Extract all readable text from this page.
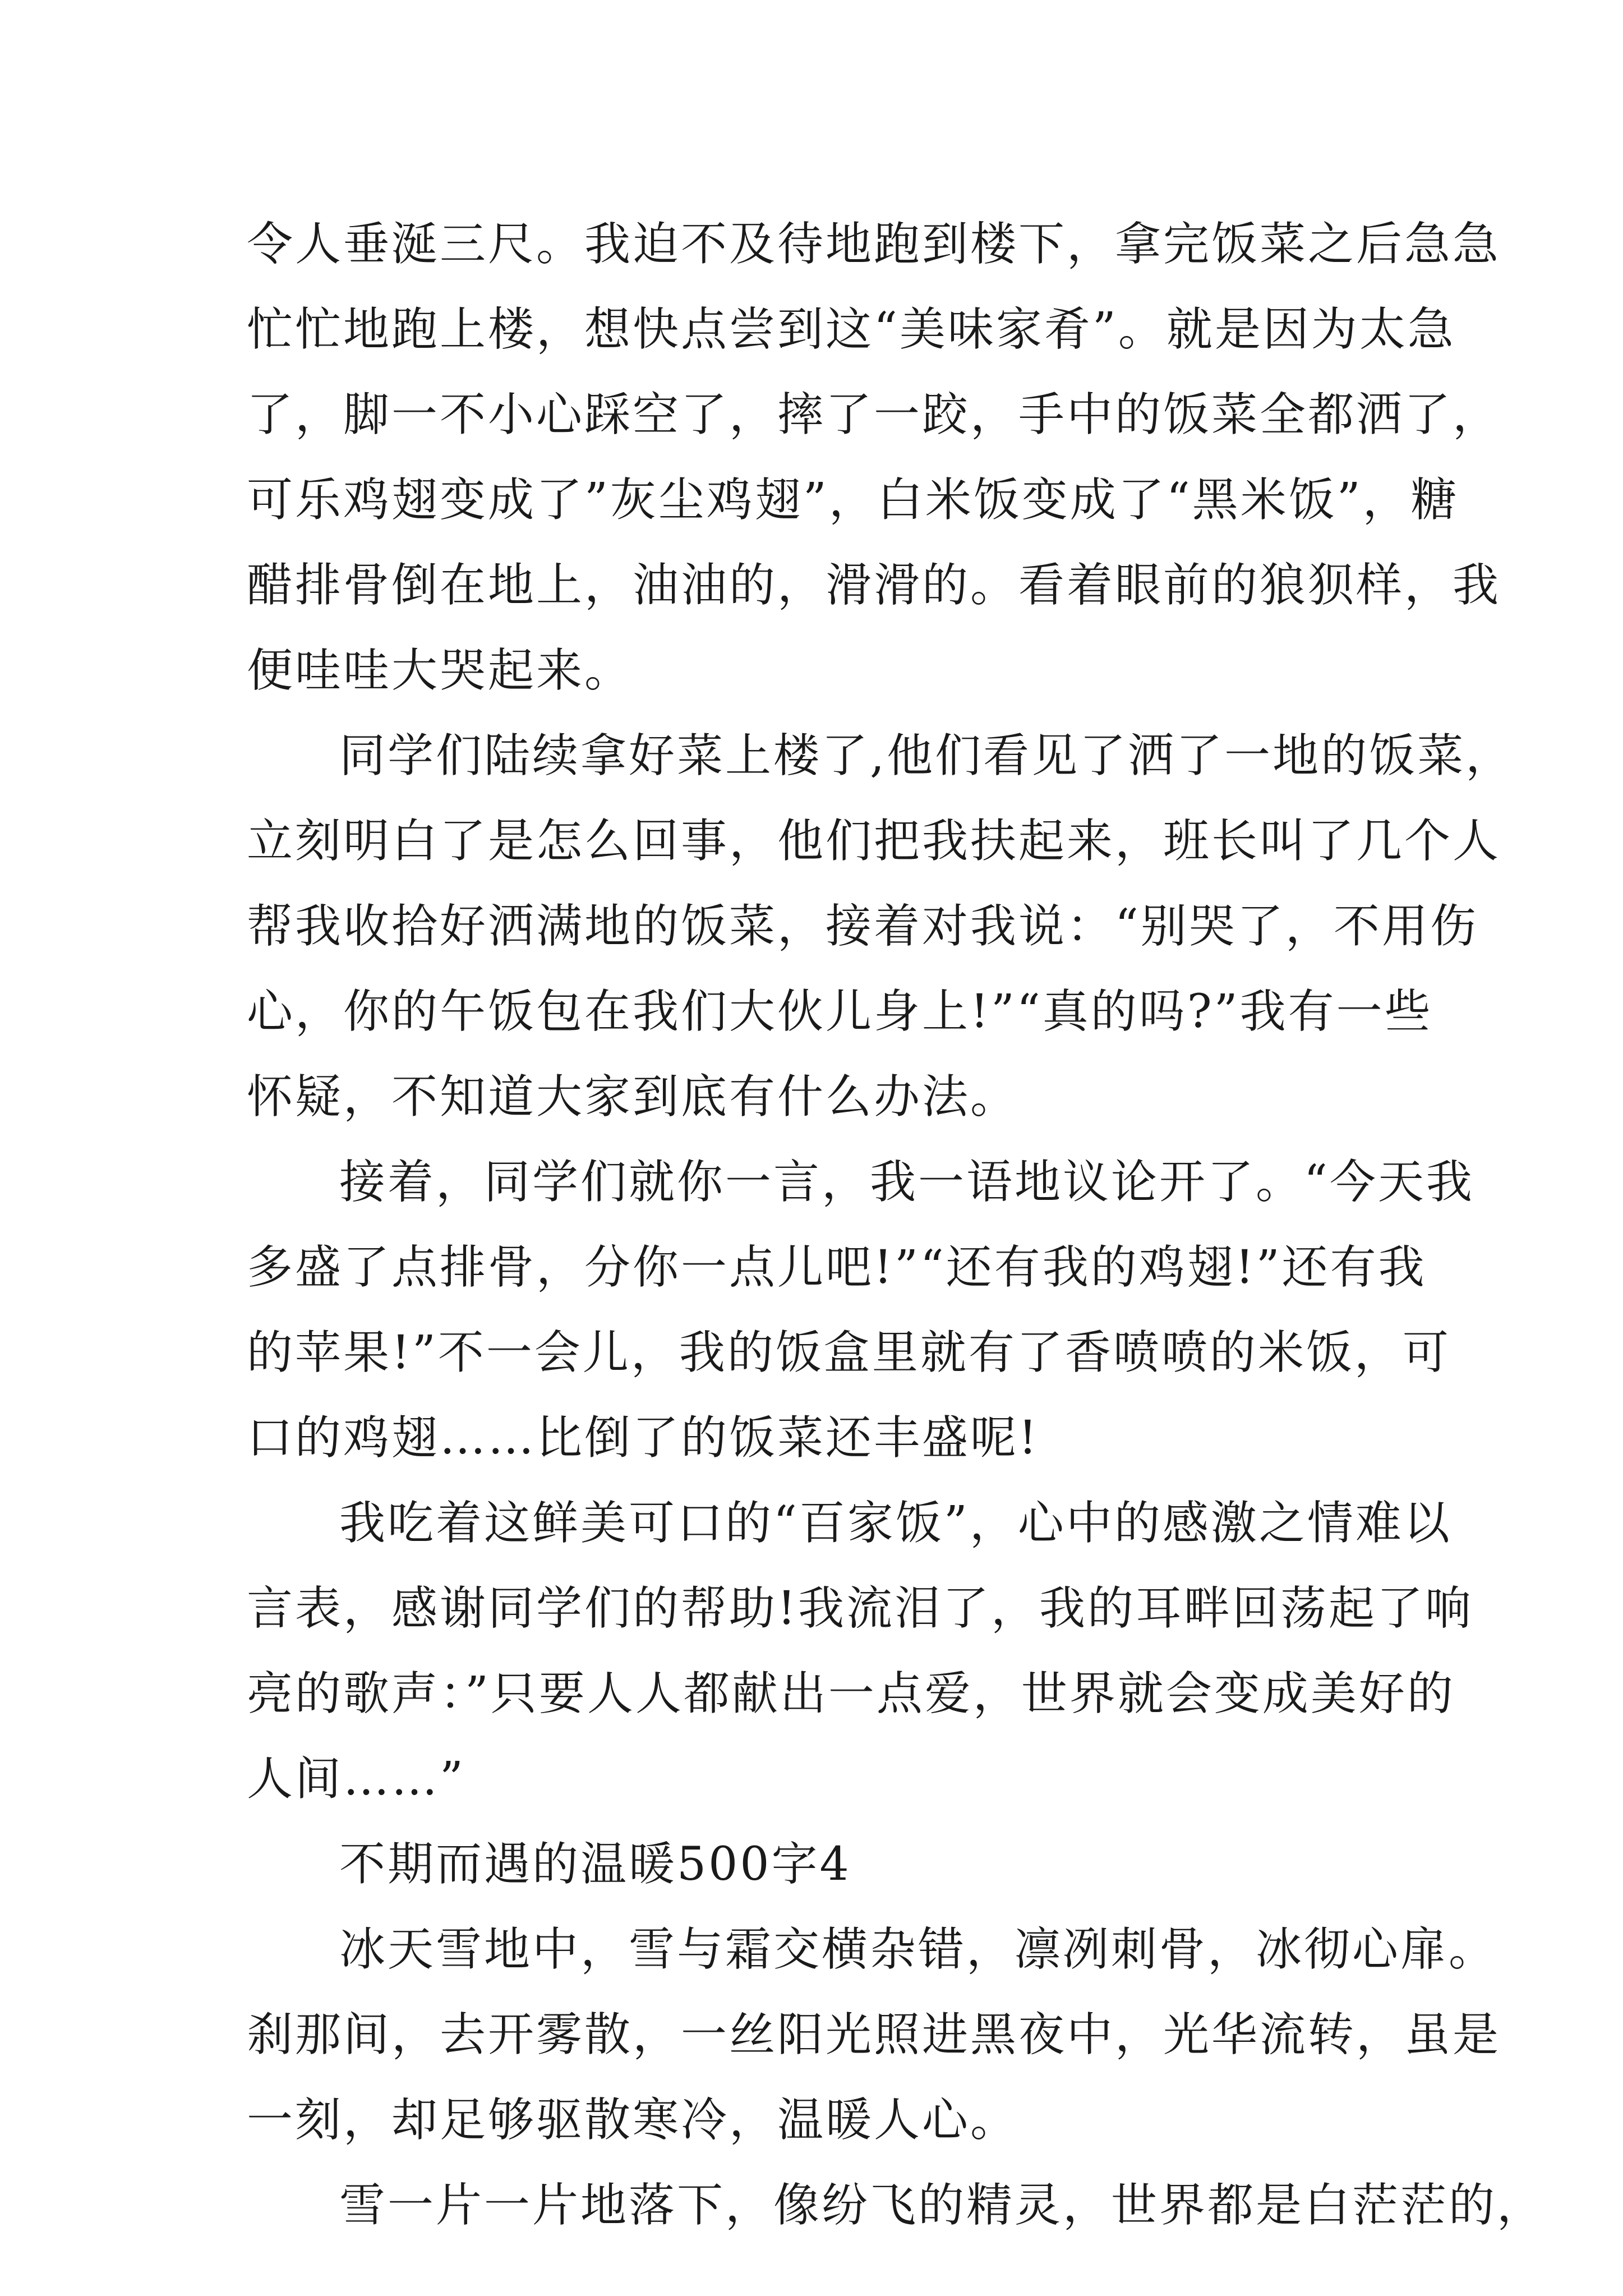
令人垂涎三尺。我迫不及待地跑到楼下，拿完饭菜之后急急

忙忙地跑上楼，想快点尝到这“美味家肴”。就是因为太急

了，脚一不小心踩空了，摔了一跤，手中的饭菜全都洒了，

可乐鸡翅变成了”灰尘鸡翅”，白米饭变成了“黑米饭”，糖

醋排骨倒在地上，油油的，滑滑的。看着眼前的狼狈样，我

便哇哇大哭起来。

同学们陆续拿好菜上楼了,他们看见了洒了一地的饭菜，

立刻明白了是怎么回事，他们把我扶起来，班长叫了几个人

帮我收拾好洒满地的饭菜，接着对我说：“别哭了，不用伤

心，你的午饭包在我们大伙儿身上!”“真的吗?”我有一些

怀疑，不知道大家到底有什么办法。

接着，同学们就你一言，我一语地议论开了。“今天我

多盛了点排骨，分你一点儿吧!”“还有我的鸡翅!”还有我

的苹果!”不一会儿，我的饭盒里就有了香喷喷的米饭，可

口的鸡翅……比倒了的饭菜还丰盛呢!

我吃着这鲜美可口的“百家饭”，心中的感激之情难以

言表，感谢同学们的帮助!我流泪了，我的耳畔回荡起了响

亮的歌声：”只要人人都献出一点爱，世界就会变成美好的

人间……”

不期而遇的温暖500字4

冰天雪地中，雪与霜交横杂错，凛冽刺骨，冰彻心扉。

刹那间，去开雾散，一丝阳光照进黑夜中，光华流转，虽是

一刻，却足够驱散寒冷，温暖人心。

雪一片一片地落下，像纷飞的精灵，世界都是白茫茫的，
